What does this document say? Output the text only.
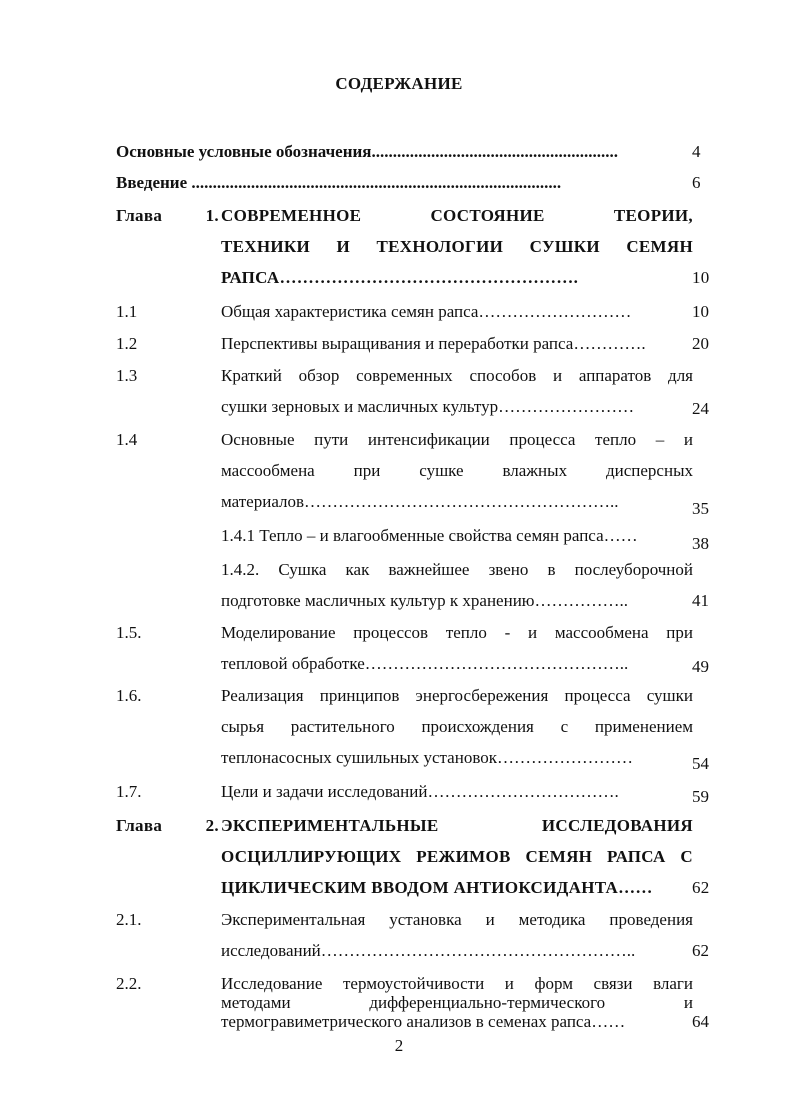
СОДЕРЖАНИЕ
Основные условные обозначения..........................................................	4
Введение .......................................................................................	6
Глава 1. СОВРЕМЕННОЕ СОСТОЯНИЕ ТЕОРИИ,
ТЕХНИКИ И ТЕХНОЛОГИИ СУШКИ СЕМЯН
РАПСА…………………………………………….	10
1.1	Общая характеристика семян рапса………………………	10
1.2	Перспективы выращивания и переработки рапса………….	20
1.3	Краткий обзор современных способов и аппаратов для
сушки зерновых и масличных культур……………………	24
1.4	Основные пути интенсификации процесса тепло – и
массообмена при сушке влажных дисперсных
материалов………………………………………………..	35
1.4.1 Тепло – и влагообменные свойства семян рапса……	38
1.4.2. Сушка как важнейшее звено в послеуборочной
подготовке масличных культур к хранению……………..	41
1.5.	Моделирование процессов тепло - и массообмена при
тепловой обработке………………………………………..	49
1.6.	Реализация принципов энергосбережения процесса сушки
сырья растительного происхождения с применением
теплонасосных сушильных установок……………………	54
1.7.	Цели и задачи исследований…………………………….	59
Глава 2. ЭКСПЕРИМЕНТАЛЬНЫЕ ИССЛЕДОВАНИЯ
ОСЦИЛЛИРУЮЩИХ РЕЖИМОВ СЕМЯН РАПСА С
ЦИКЛИЧЕСКИМ ВВОДОМ АНТИОКСИДАНТА……	62
2.1.	Экспериментальная установка и методика проведения
исследований………………………………………………..	62
2.2.	Исследование термоустойчивости и форм связи влаги
методами дифференциально-термического и
термогравиметрического анализов в семенах рапса……	64
2
